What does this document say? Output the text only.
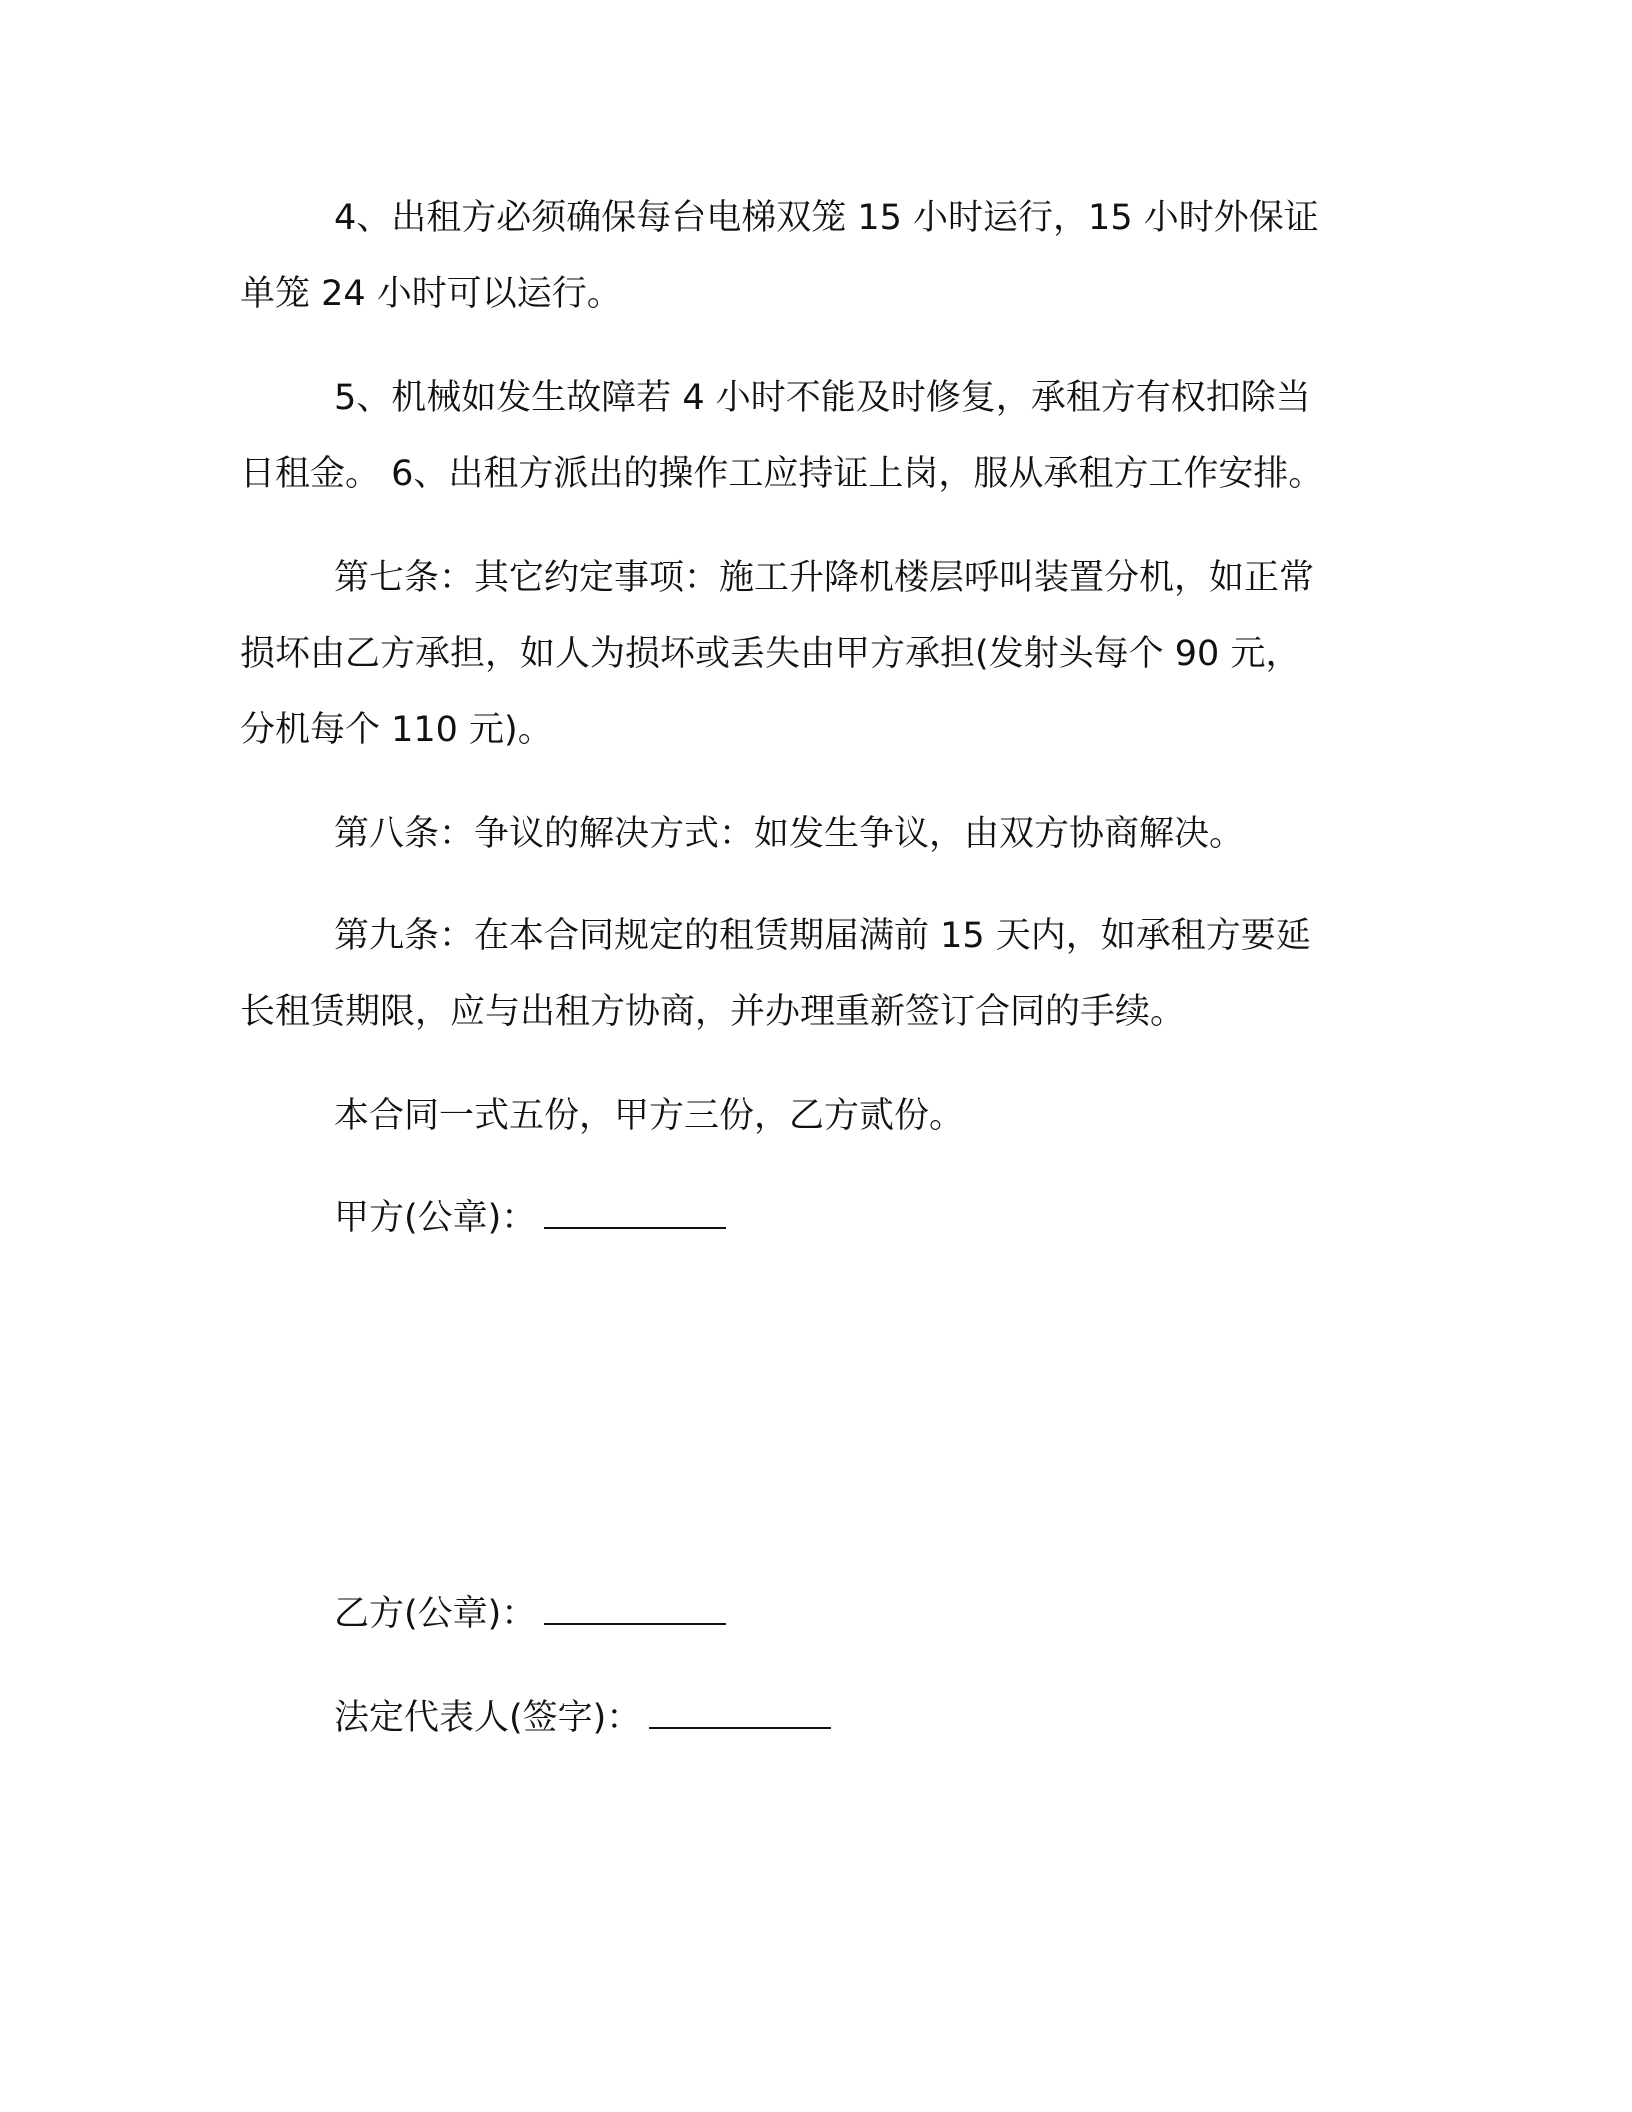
4、出租方必须确保每台电梯双笼 15 小时运行，15 小时外保证
单笼 24 小时可以运行。
5、机械如发生故障若 4 小时不能及时修复，承租方有权扣除当
日租金。 6、出租方派出的操作工应持证上岗，服从承租方工作安排。
第七条：其它约定事项：施工升降机楼层呼叫装置分机，如正常
损坏由乙方承担，如人为损坏或丢失由甲方承担(发射头每个 90 元，
分机每个 110 元)。
第八条：争议的解决方式：如发生争议，由双方协商解决。
第九条：在本合同规定的租赁期届满前 15 天内，如承租方要延
长租赁期限，应与出租方协商，并办理重新签订合同的手续。
本合同一式五份，甲方三份，乙方贰份。
甲方(公章)：
乙方(公章)：
法定代表人(签字)：
